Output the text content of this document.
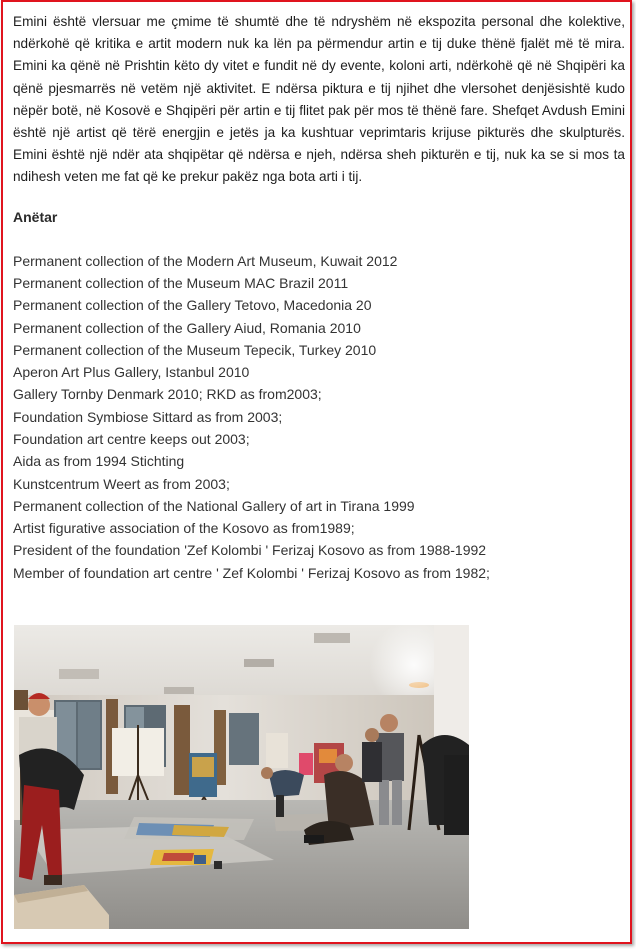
Emini është vlersuar me çmime të shumtë dhe të ndryshëm në ekspozita personal dhe kolektive, ndërkohë që kritika e artit modern nuk ka lën pa përmendur artin e tij duke thënë fjalët më të mira. Emini ka qënë në Prishtin këto dy vitet e fundit në dy evente, koloni arti, ndërkohë që në Shqipëri ka qënë pjesmarrës në vetëm një aktivitet. E ndërsa piktura e tij njihet dhe vlersohet denjësishtë kudo nëpër botë, në Kosovë e Shqipëri për artin e tij flitet pak për mos të thënë fare. Shefqet Avdush Emini është një artist që tërë energjin e jetës ja ka kushtuar veprimtaris krijuse pikturës dhe skulpturës. Emini është një ndër ata shqipëtar që ndërsa e njeh, ndërsa sheh pikturën e tij, nuk ka se si mos ta ndihesh veten me fat që ke prekur pakëz nga bota arti i tij.

Anëtar
Permanent collection of the Modern Art Museum, Kuwait 2012
Permanent collection of the Museum MAC Brazil 2011
Permanent collection of the Gallery Tetovo, Macedonia 20
Permanent collection of the Gallery Aiud, Romania 2010
Permanent collection of the Museum Tepecik, Turkey 2010
Aperon Art Plus Gallery, Istanbul 2010
Gallery Tornby Denmark 2010; RKD as from2003;
Foundation Symbiose Sittard as from 2003;
Foundation art centre keeps out 2003;
Aida as from 1994 Stichting
Kunstcentrum Weert as from 2003;
Permanent collection of the National Gallery of art in Tirana 1999
Artist figurative association of the Kosovo as from1989;
President of the foundation 'Zef Kolombi ' Ferizaj Kosovo as from 1988-1992
Member of foundation art centre ' Zef Kolombi ' Ferizaj Kosovo as from 1982;
